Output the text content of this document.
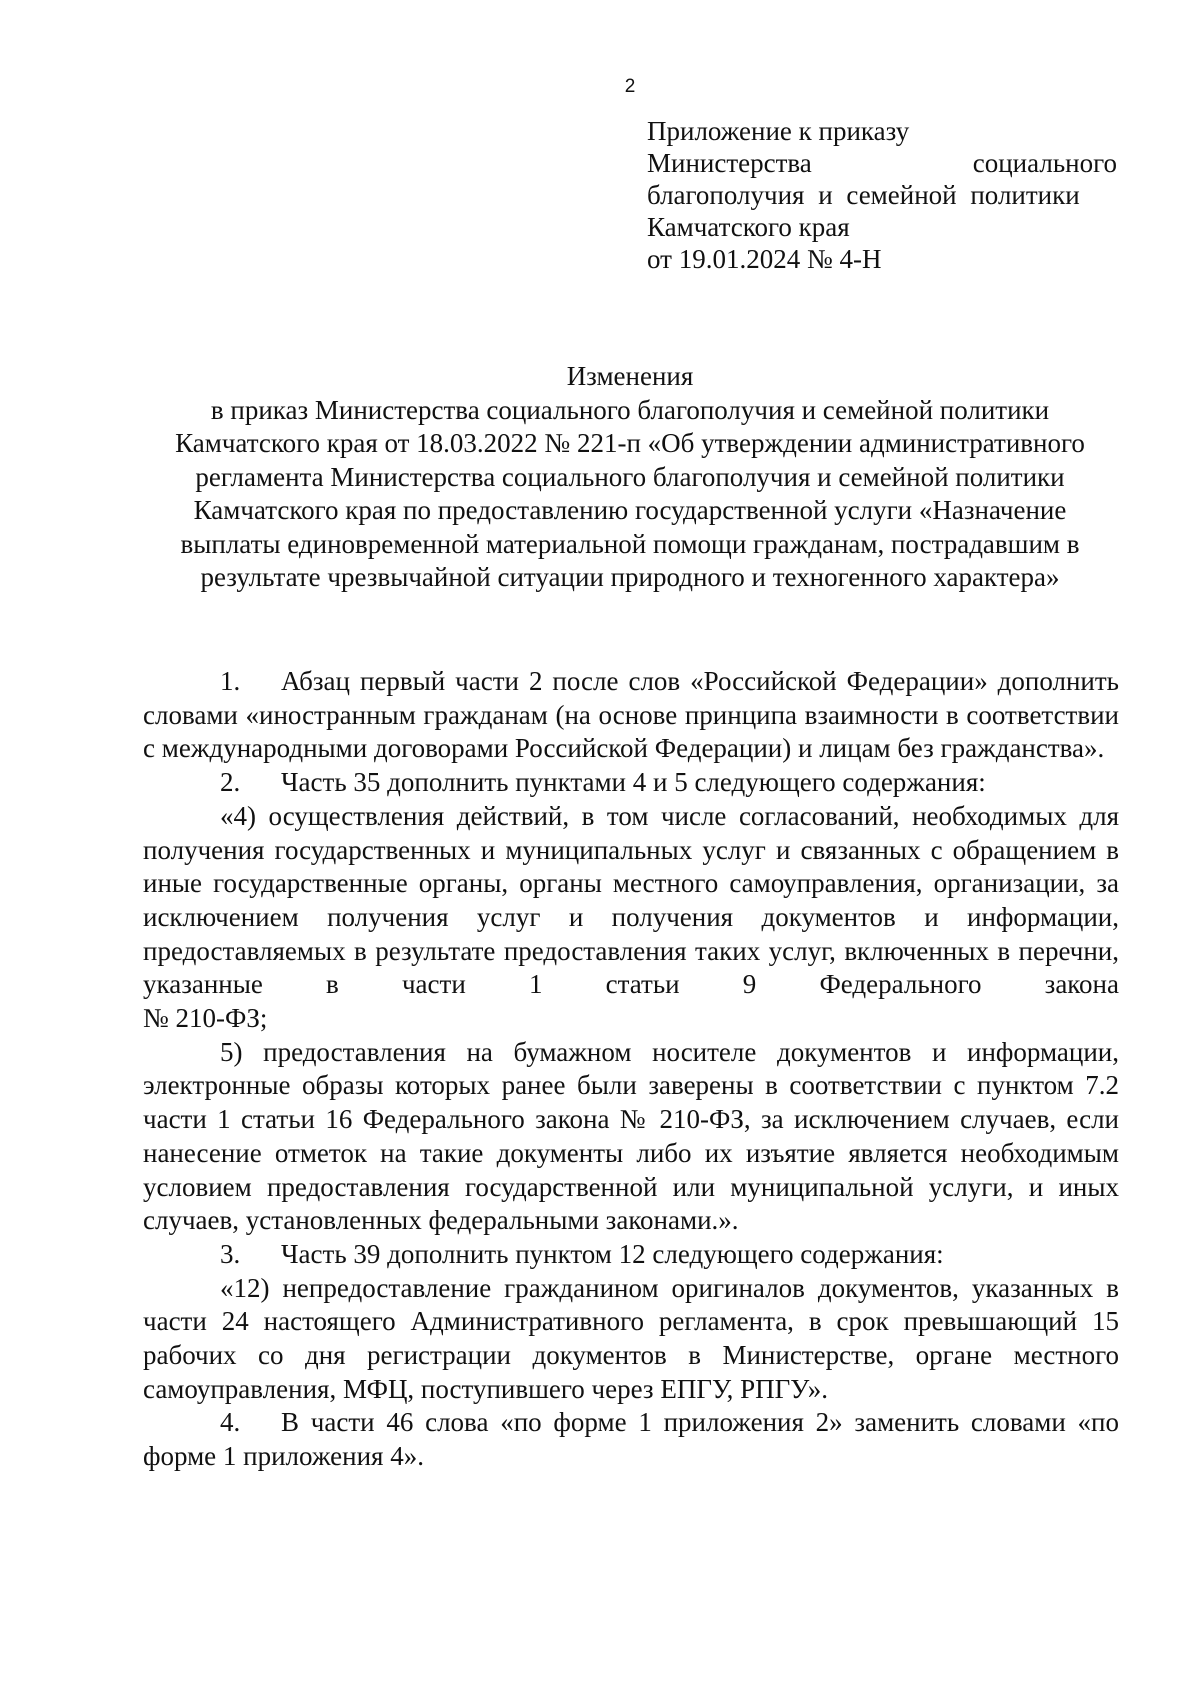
2
Приложение к приказу
Министерства	социального
благополучия и семейной политики
Камчатского края
от 19.01.2024 № 4-Н
Изменения
в приказ Министерства социального благополучия и семейной политики
Камчатского края от 18.03.2022 № 221-п «Об утверждении административного
регламента Министерства социального благополучия и семейной политики
Камчатского края по предоставлению государственной услуги «Назначение
выплаты единовременной материальной помощи гражданам, пострадавшим в
результате чрезвычайной ситуации природного и техногенного характера»

1. Абзац первый части 2 после слов «Российской Федерации» дополнить словами «иностранным гражданам (на основе принципа взаимности в соответствии с международными договорами Российской Федерации) и лицам без гражданства».

2. Часть 35 дополнить пунктами 4 и 5 следующего содержания:

«4) осуществления действий, в том числе согласований, необходимых для получения государственных и муниципальных услуг и связанных с обращением в иные государственные органы, органы местного самоуправления, организации, за исключением получения услуг и получения документов и информации, предоставляемых в результате предоставления таких услуг, включенных в перечни, указанные в части 1 статьи 9 Федерального закона

№ 210-ФЗ;

5) предоставления на бумажном носителе документов и информации, электронные образы которых ранее были заверены в соответствии с пунктом 7.2 части 1 статьи 16 Федерального закона № 210-ФЗ, за исключением случаев, если нанесение отметок на такие документы либо их изъятие является необходимым условием предоставления государственной или муниципальной услуги, и иных случаев, установленных федеральными законами.».

3. Часть 39 дополнить пунктом 12 следующего содержания:

«12) непредоставление гражданином оригиналов документов, указанных в части 24 настоящего Административного регламента, в срок превышающий 15 рабочих со дня регистрации документов в Министерстве, органе местного самоуправления, МФЦ, поступившего через ЕПГУ, РПГУ».

4. В части 46 слова «по форме 1 приложения 2» заменить словами «по форме 1 приложения 4».
